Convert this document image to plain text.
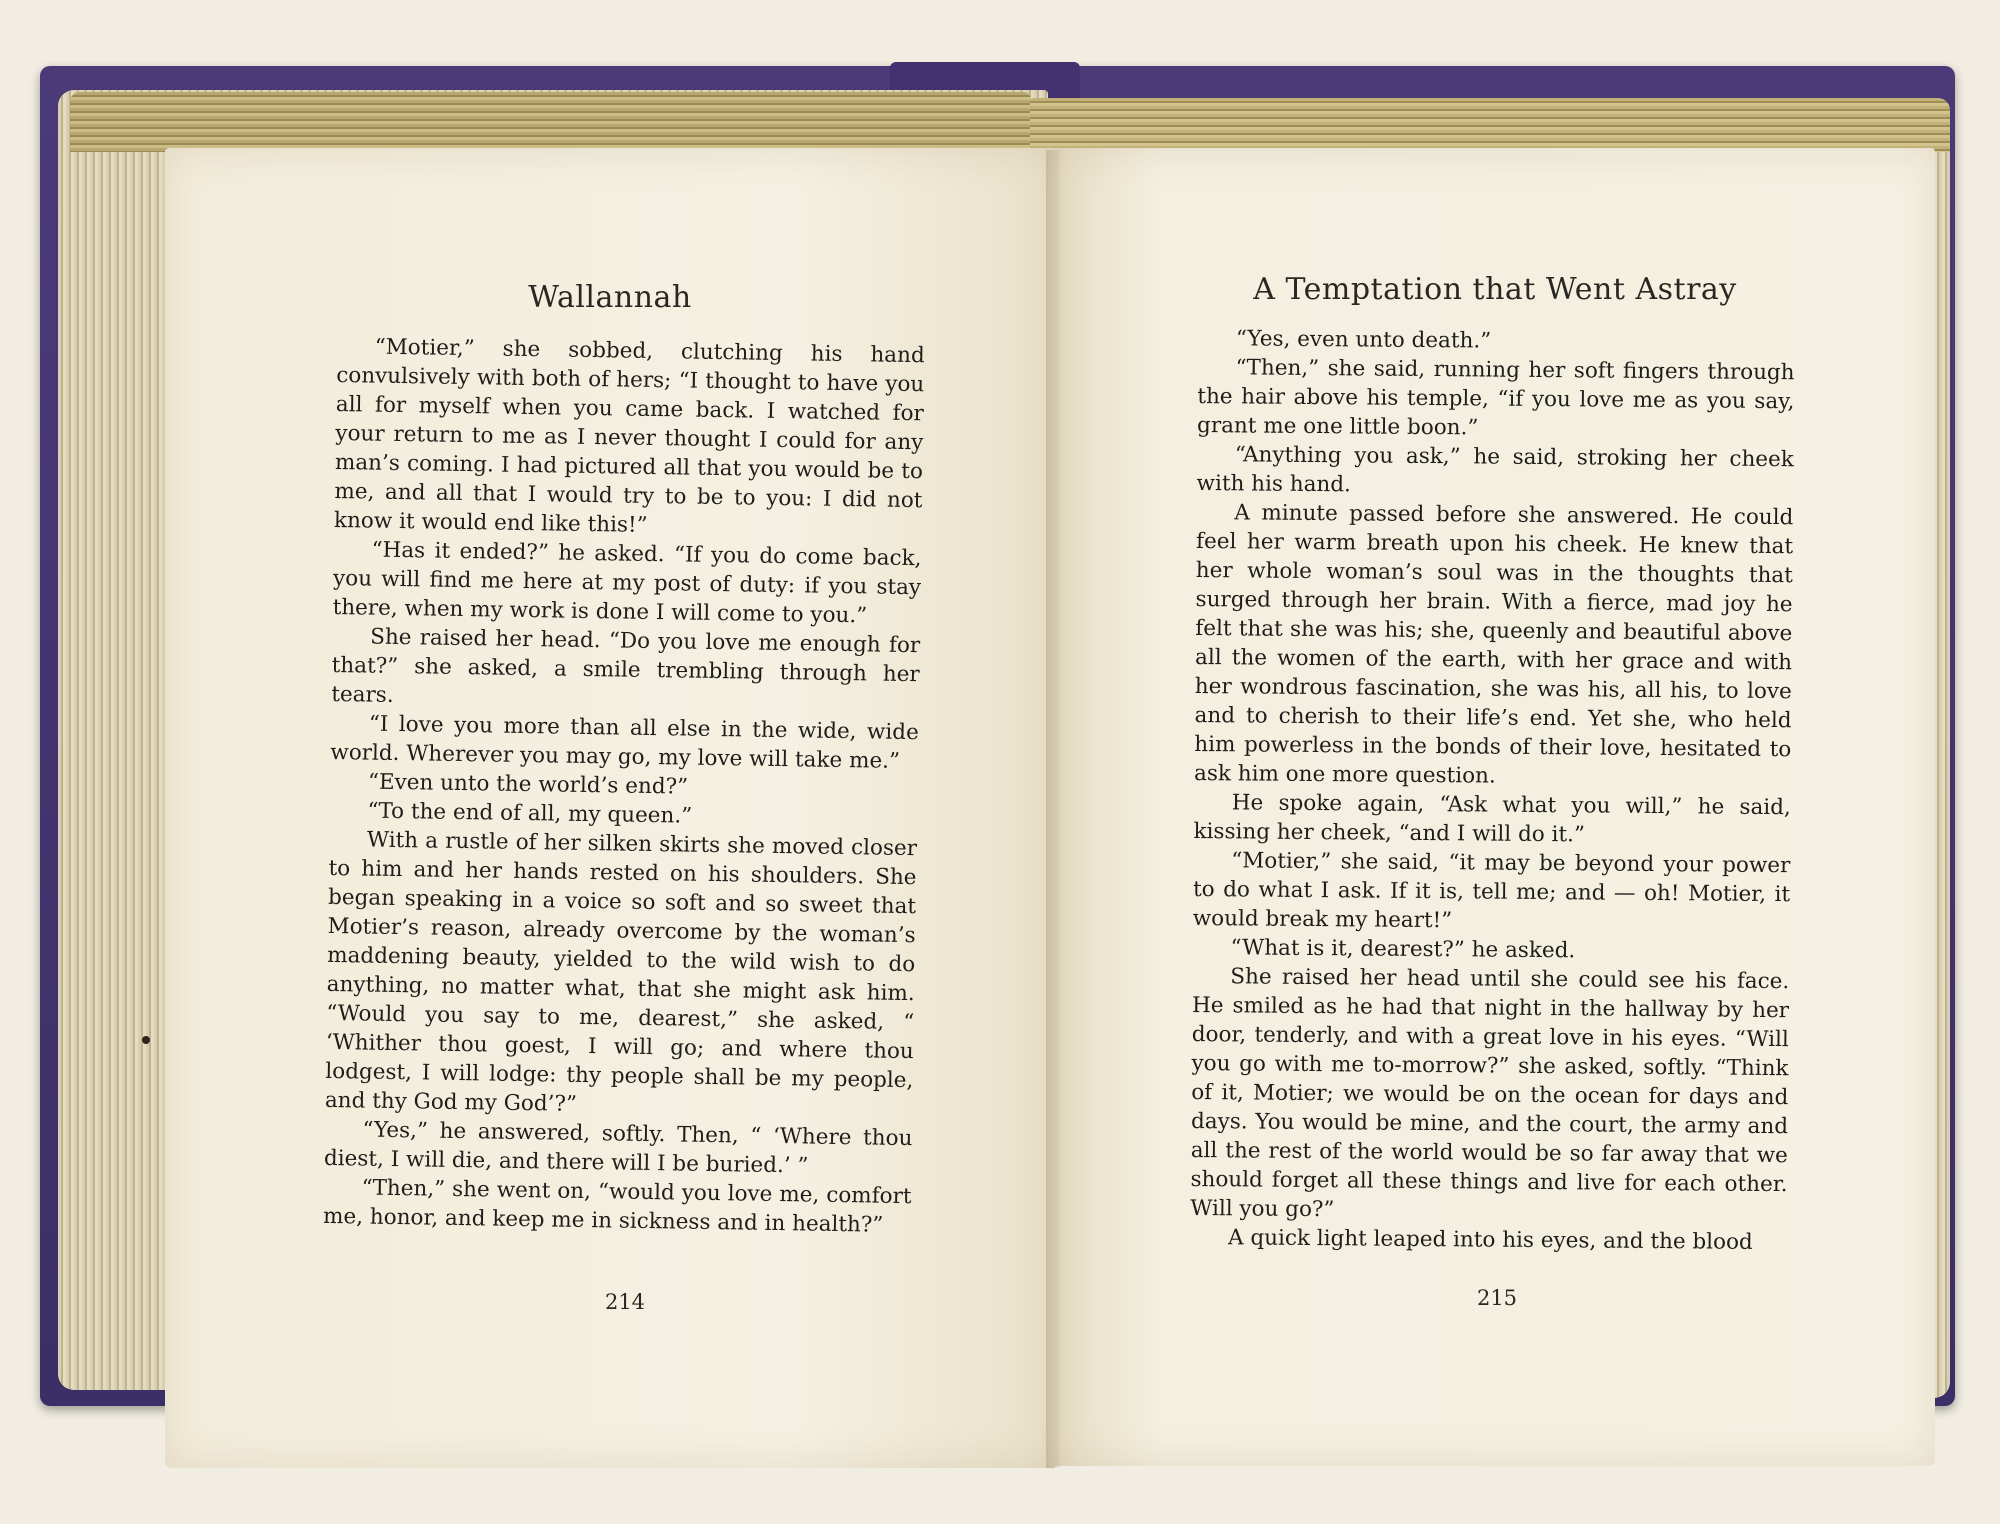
Wallannah

“Motier,” she sobbed, clutching his hand convulsively with both of hers; “I thought to have you all for myself when you came back. I watched for your return to me as I never thought I could for any man’s coming. I had pictured all that you would be to me, and all that I would try to be to you: I did not know it would end like this!”

“Has it ended?” he asked. “If you do come back, you will find me here at my post of duty: if you stay there, when my work is done I will come to you.”

She raised her head. “Do you love me enough for that?” she asked, a smile trembling through her tears.

“I love you more than all else in the wide, wide world. Wherever you may go, my love will take me.”

“Even unto the world’s end?”

“To the end of all, my queen.”

With a rustle of her silken skirts she moved closer to him and her hands rested on his shoulders. She began speaking in a voice so soft and so sweet that Motier’s reason, already overcome by the woman’s maddening beauty, yielded to the wild wish to do anything, no matter what, that she might ask him. “Would you say to me, dearest,” she asked, “ ‘Whither thou goest, I will go; and where thou lodgest, I will lodge: thy people shall be my people, and thy God my God’?”

“Yes,” he answered, softly. Then, “ ‘Where thou diest, I will die, and there will I be buried.’ ”

“Then,” she went on, “would you love me, comfort me, honor, and keep me in sickness and in health?”

214
A Temptation that Went Astray

“Yes, even unto death.”

“Then,” she said, running her soft fingers through the hair above his temple, “if you love me as you say, grant me one little boon.”

“Anything you ask,” he said, stroking her cheek with his hand.

A minute passed before she answered. He could feel her warm breath upon his cheek. He knew that her whole woman’s soul was in the thoughts that surged through her brain. With a fierce, mad joy he felt that she was his; she, queenly and beautiful above all the women of the earth, with her grace and with her wondrous fascination, she was his, all his, to love and to cherish to their life’s end. Yet she, who held him powerless in the bonds of their love, hesitated to ask him one more question.

He spoke again, “Ask what you will,” he said, kissing her cheek, “and I will do it.”

“Motier,” she said, “it may be beyond your power to do what I ask. If it is, tell me; and — oh! Motier, it would break my heart!”

“What is it, dearest?” he asked.

She raised her head until she could see his face. He smiled as he had that night in the hallway by her door, tenderly, and with a great love in his eyes. “Will you go with me to-morrow?” she asked, softly. “Think of it, Motier; we would be on the ocean for days and days. You would be mine, and the court, the army and all the rest of the world would be so far away that we should forget all these things and live for each other. Will you go?”

A quick light leaped into his eyes, and the blood

215
